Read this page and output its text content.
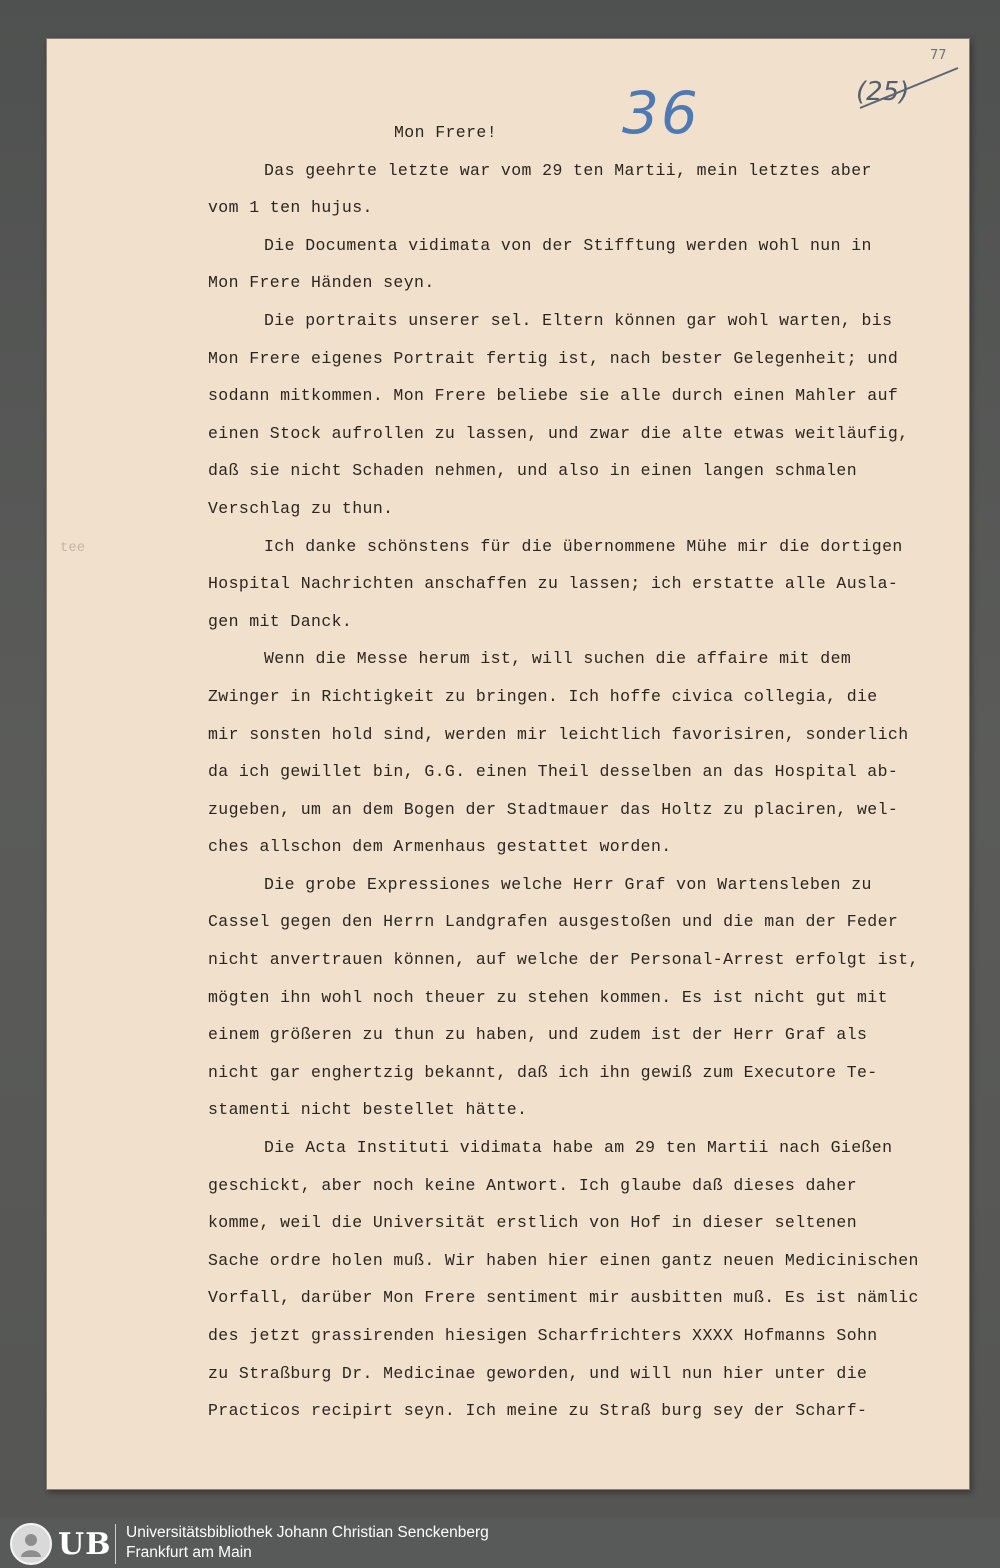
36
77
(25)
tee

Mon Frere!

Das geehrte letzte war vom 29 ten Martii, mein letztes aber

vom 1 ten hujus.

Die Documenta vidimata von der Stifftung werden wohl nun in

Mon Frere Händen seyn.

Die portraits unserer sel. Eltern können gar wohl warten, bis

Mon Frere eigenes Portrait fertig ist, nach bester Gelegenheit; und

sodann mitkommen. Mon Frere beliebe sie alle durch einen Mahler auf

einen Stock aufrollen zu lassen, und zwar die alte etwas weitläufig,

daß sie nicht Schaden nehmen, und also in einen langen schmalen

Verschlag zu thun.

Ich danke schönstens für die übernommene Mühe mir die dortigen

Hospital Nachrichten anschaffen zu lassen; ich erstatte alle Ausla-

gen mit Danck.

Wenn die Messe herum ist, will suchen die affaire mit dem

Zwinger in Richtigkeit zu bringen. Ich hoffe civica collegia, die

mir sonsten hold sind, werden mir leichtlich favorisiren, sonderlich

da ich gewillet bin, G.G. einen Theil desselben an das Hospital ab-

zugeben, um an dem Bogen der Stadtmauer das Holtz zu placiren, wel-

ches allschon dem Armenhaus gestattet worden.

Die grobe Expressiones welche Herr Graf von Wartensleben zu

Cassel gegen den Herrn Landgrafen ausgestoßen und die man der Feder

nicht anvertrauen können, auf welche der Personal-Arrest erfolgt ist,

mögten ihn wohl noch theuer zu stehen kommen. Es ist nicht gut mit

einem größeren zu thun zu haben, und zudem ist der Herr Graf als

nicht gar enghertzig bekannt, daß ich ihn gewiß zum Executore Te-

stamenti nicht bestellet hätte.

Die Acta Instituti vidimata habe am 29 ten Martii nach Gießen

geschickt, aber noch keine Antwort. Ich glaube daß dieses daher

komme, weil die Universität erstlich von Hof in dieser seltenen

Sache ordre holen muß. Wir haben hier einen gantz neuen Medicinischen

Vorfall, darüber Mon Frere sentiment mir ausbitten muß. Es ist nämlic

des jetzt grassirenden hiesigen Scharfrichters XXXX Hofmanns Sohn

zu Straßburg Dr. Medicinae geworden, und will nun hier unter die

Practicos recipirt seyn. Ich meine zu Straß burg sey der Scharf-

UB Universitätsbibliothek Johann Christian Senckenberg
Frankfurt am Main
